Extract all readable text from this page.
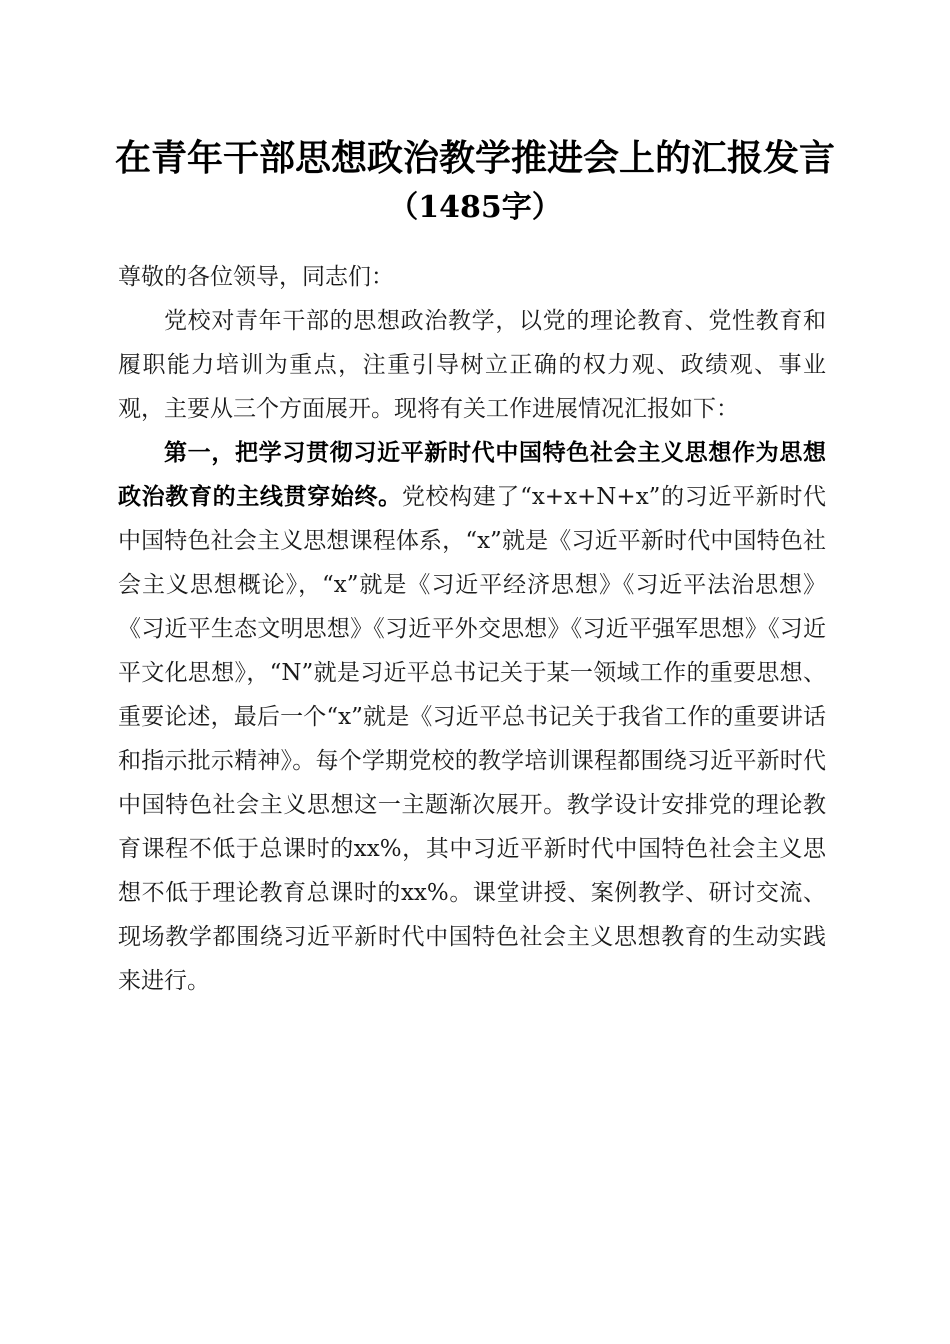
在青年干部思想政治教学推进会上的汇报发言
（1485字）

尊敬的各位领导，同志们：

党校对青年干部的思想政治教学，以党的理论教育、党性教育和履职能力培训为重点，注重引导树立正确的权力观、政绩观、事业观，主要从三个方面展开。现将有关工作进展情况汇报如下：

第一，把学习贯彻习近平新时代中国特色社会主义思想作为思想政治教育的主线贯穿始终。党校构建了“x+x+N+x”的习近平新时代中国特色社会主义思想课程体系，“x”就是《习近平新时代中国特色社会主义思想概论》，“x”就是《习近平经济思想》《习近平法治思想》《习近平生态文明思想》《习近平外交思想》《习近平强军思想》《习近平文化思想》，“N”就是习近平总书记关于某一领域工作的重要思想、重要论述，最后一个“x”就是《习近平总书记关于我省工作的重要讲话和指示批示精神》。每个学期党校的教学培训课程都围绕习近平新时代中国特色社会主义思想这一主题渐次展开。教学设计安排党的理论教育课程不低于总课时的xx%，其中习近平新时代中国特色社会主义思想不低于理论教育总课时的xx%。课堂讲授、案例教学、研讨交流、现场教学都围绕习近平新时代中国特色社会主义思想教育的生动实践来进行。
